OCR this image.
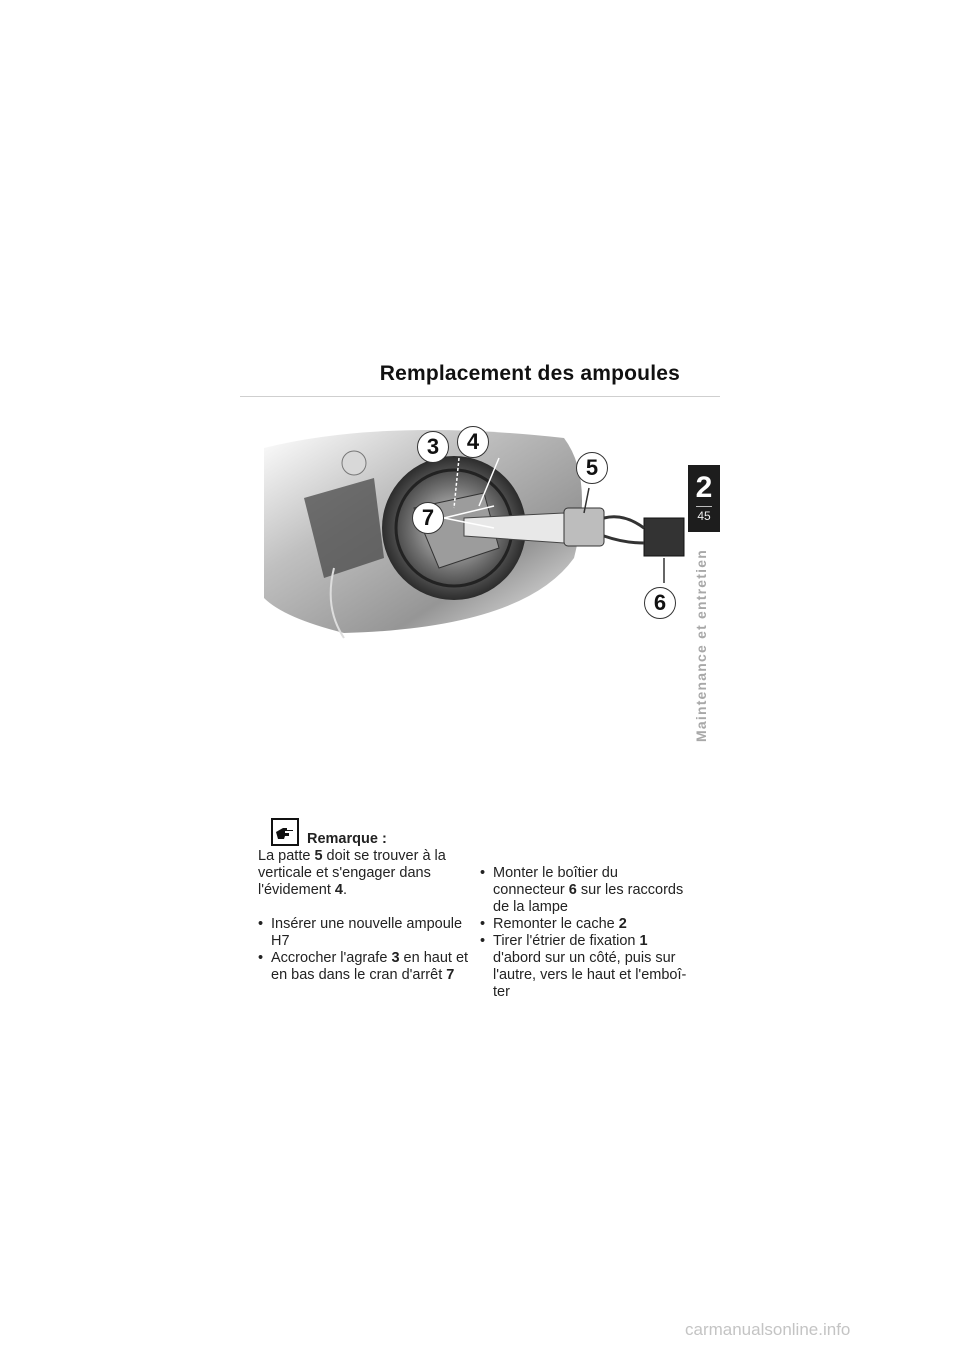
Remplacement des ampoules
2
45
Maintenance et entretien
3	4
5
7
6
Remarque :

La patte 5 doit se trouver à la verticale et s'engager dans l'évidement 4.

• Insérer une nouvelle ampoule H7
• Accrocher l'agrafe 3 en haut et en bas dans le cran d'arrêt 7
• Monter le boîtier du connecteur 6 sur les raccords de la lampe
• Remonter le cache 2
• Tirer l'étrier de fixation 1 d'abord sur un côté, puis sur l'autre, vers le haut et l'emboî-ter
carmanualsonline.info
